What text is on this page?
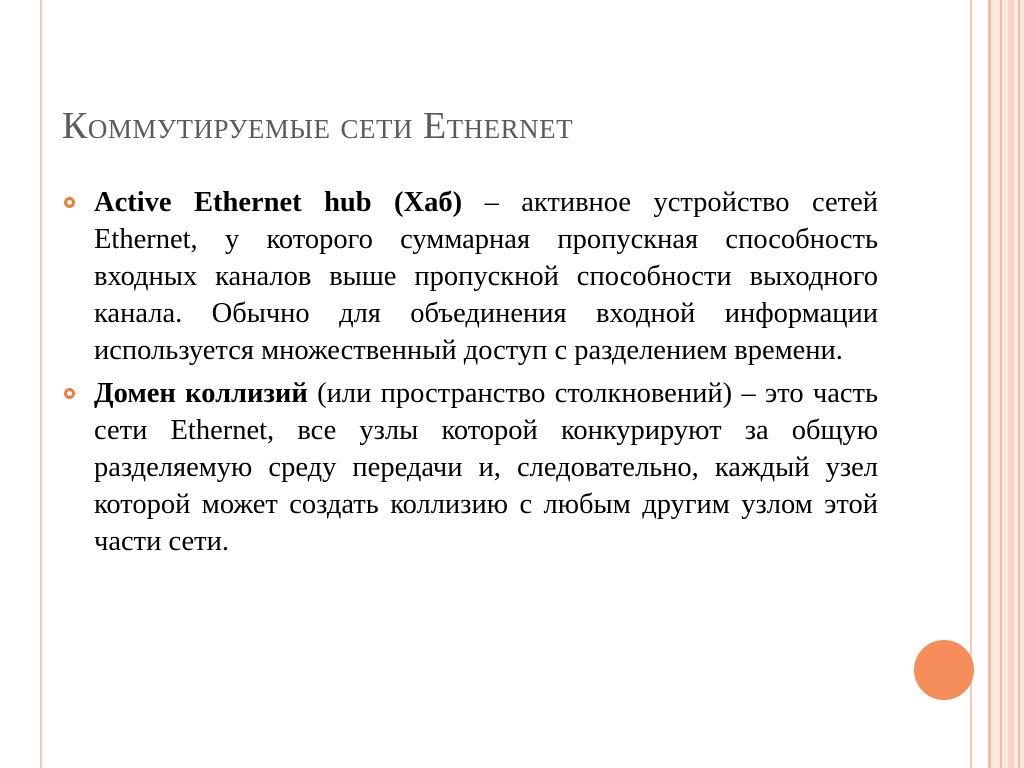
Коммутируемые сети Ethernet
Active Ethernet hub (Хаб) – активное устройство сетей Ethernet, у которого суммарная пропускная способность входных каналов выше пропускной способности выходного канала. Обычно для объединения входной информации используется множественный доступ с разделением времени.
Домен коллизий (или пространство столкновений) – это часть сети Ethernet, все узлы которой конкурируют за общую разделяемую среду передачи и, следовательно, каждый узел которой может создать коллизию с любым другим узлом этой части сети.
